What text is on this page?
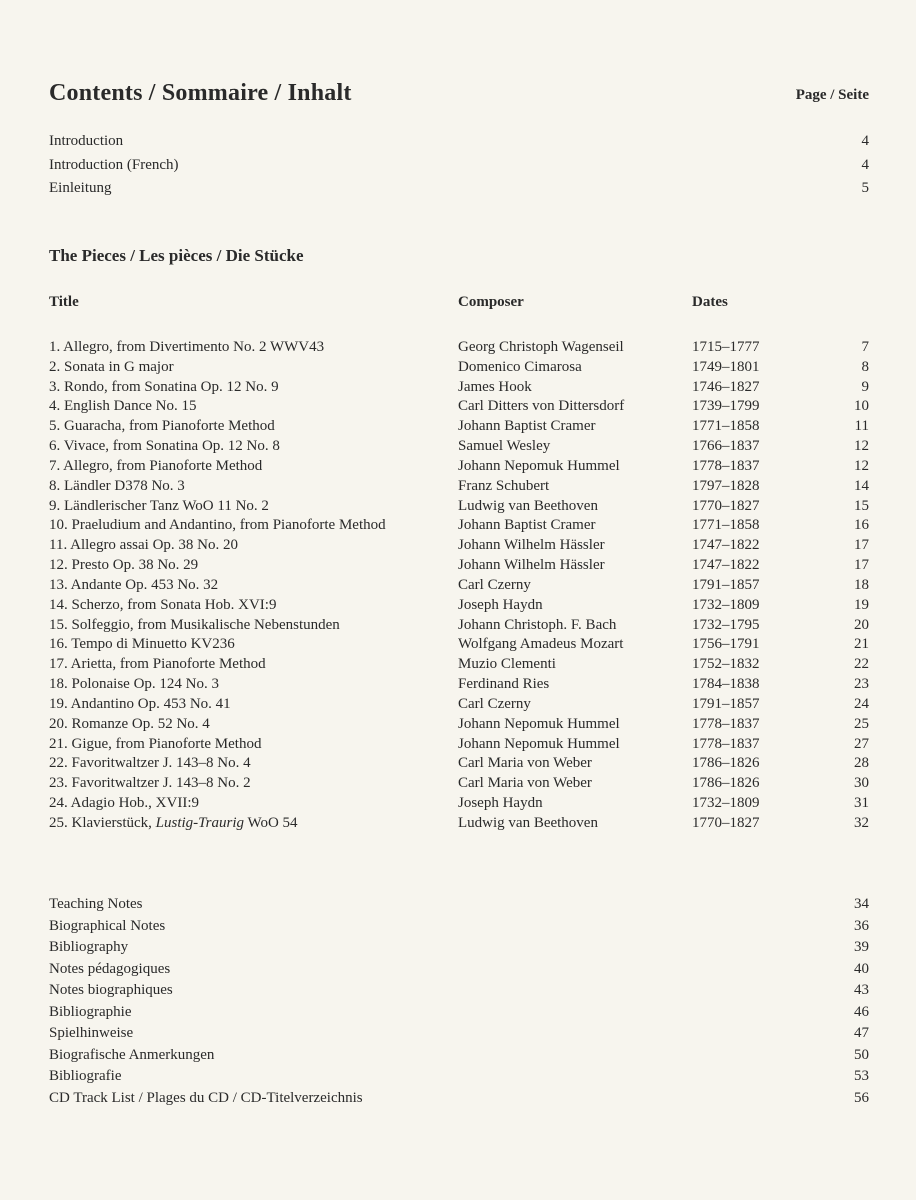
Contents / Sommaire / Inhalt	Page / Seite
Introduction	4
Introduction (French)	4
Einleitung	5
The Pieces / Les pièces / Die Stücke
Title	Composer	Dates
1. Allegro, from Divertimento No. 2 WWV43	Georg Christoph Wagenseil	1715–1777	7
2. Sonata in G major	Domenico Cimarosa	1749–1801	8
3. Rondo, from Sonatina Op. 12 No. 9	James Hook	1746–1827	9
4. English Dance No. 15	Carl Ditters von Dittersdorf	1739–1799	10
5. Guaracha, from Pianoforte Method	Johann Baptist Cramer	1771–1858	11
6. Vivace, from Sonatina Op. 12 No. 8	Samuel Wesley	1766–1837	12
7. Allegro, from Pianoforte Method	Johann Nepomuk Hummel	1778–1837	12
8. Ländler D378 No. 3	Franz Schubert	1797–1828	14
9. Ländlerischer Tanz WoO 11 No. 2	Ludwig van Beethoven	1770–1827	15
10. Praeludium and Andantino, from Pianoforte Method	Johann Baptist Cramer	1771–1858	16
11. Allegro assai Op. 38 No. 20	Johann Wilhelm Hässler	1747–1822	17
12. Presto Op. 38 No. 29	Johann Wilhelm Hässler	1747–1822	17
13. Andante Op. 453 No. 32	Carl Czerny	1791–1857	18
14. Scherzo, from Sonata Hob. XVI:9	Joseph Haydn	1732–1809	19
15. Solfeggio, from Musikalische Nebenstunden	Johann Christoph. F. Bach	1732–1795	20
16. Tempo di Minuetto KV236	Wolfgang Amadeus Mozart	1756–1791	21
17. Arietta, from Pianoforte Method	Muzio Clementi	1752–1832	22
18. Polonaise Op. 124 No. 3	Ferdinand Ries	1784–1838	23
19. Andantino Op. 453 No. 41	Carl Czerny	1791–1857	24
20. Romanze Op. 52 No. 4	Johann Nepomuk Hummel	1778–1837	25
21. Gigue, from Pianoforte Method	Johann Nepomuk Hummel	1778–1837	27
22. Favoritwaltzer J. 143–8 No. 4	Carl Maria von Weber	1786–1826	28
23. Favoritwaltzer J. 143–8 No. 2	Carl Maria von Weber	1786–1826	30
24. Adagio Hob., XVII:9	Joseph Haydn	1732–1809	31
25. Klavierstück, Lustig-Traurig WoO 54	Ludwig van Beethoven	1770–1827	32
Teaching Notes	34
Biographical Notes	36
Bibliography	39
Notes pédagogiques	40
Notes biographiques	43
Bibliographie	46
Spielhinweise	47
Biografische Anmerkungen	50
Bibliografie	53
CD Track List / Plages du CD / CD-Titelverzeichnis	56
